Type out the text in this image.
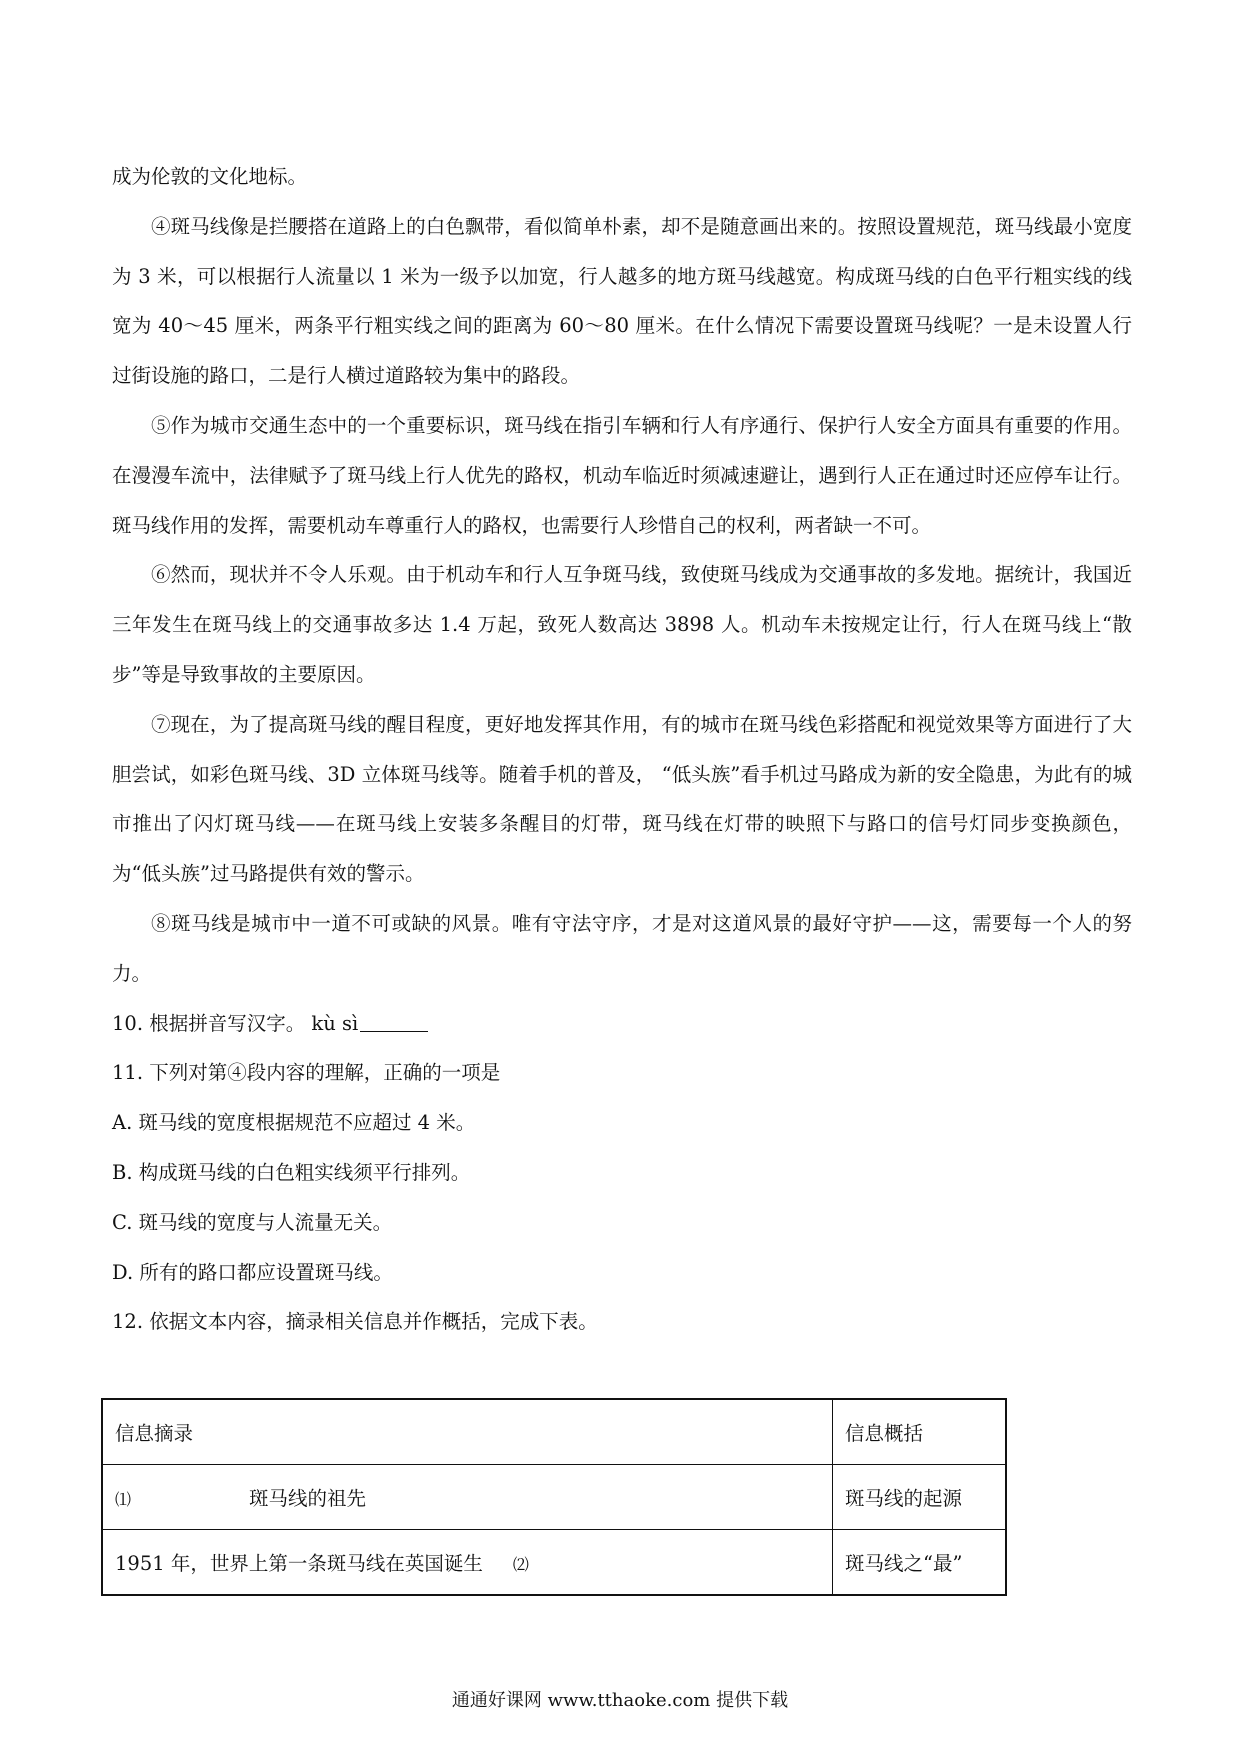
成为伦敦的文化地标。

④斑马线像是拦腰搭在道路上的白色飘带，看似简单朴素，却不是随意画出来的。按照设置规范，斑马线最小宽度为 3 米，可以根据行人流量以 1 米为一级予以加宽，行人越多的地方斑马线越宽。构成斑马线的白色平行粗实线的线宽为 40～45 厘米，两条平行粗实线之间的距离为 60～80 厘米。在什么情况下需要设置斑马线呢？一是未设置人行过街设施的路口，二是行人横过道路较为集中的路段。

⑤作为城市交通生态中的一个重要标识，斑马线在指引车辆和行人有序通行、保护行人安全方面具有重要的作用。在漫漫车流中，法律赋予了斑马线上行人优先的路权，机动车临近时须减速避让，遇到行人正在通过时还应停车让行。斑马线作用的发挥，需要机动车尊重行人的路权，也需要行人珍惜自己的权利，两者缺一不可。

⑥然而，现状并不令人乐观。由于机动车和行人互争斑马线，致使斑马线成为交通事故的多发地。据统计，我国近三年发生在斑马线上的交通事故多达 1.4 万起，致死人数高达 3898 人。机动车未按规定让行，行人在斑马线上“散步”等是导致事故的主要原因。

⑦现在，为了提高斑马线的醒目程度，更好地发挥其作用，有的城市在斑马线色彩搭配和视觉效果等方面进行了大胆尝试，如彩色斑马线、3D 立体斑马线等。随着手机的普及， “低头族”看手机过马路成为新的安全隐患，为此有的城市推出了闪灯斑马线——在斑马线上安装多条醒目的灯带，斑马线在灯带的映照下与路口的信号灯同步变换颜色，为“低头族”过马路提供有效的警示。

⑧斑马线是城市中一道不可或缺的风景。唯有守法守序，才是对这道风景的最好守护——这，需要每一个人的努力。

10. 根据拼音写汉字。 kù sì

11. 下列对第④段内容的理解，正确的一项是

A. 斑马线的宽度根据规范不应超过 4 米。

B. 构成斑马线的白色粗实线须平行排列。

C. 斑马线的宽度与人流量无关。

D. 所有的路口都应设置斑马线。

12. 依据文本内容，摘录相关信息并作概括，完成下表。

信息摘录	信息概括
⑴ 斑马线的祖先	斑马线的起源
1951 年，世界上第一条斑马线在英国诞生 ⑵	斑马线之“最”
通通好课网 www.tthaoke.com 提供下载
